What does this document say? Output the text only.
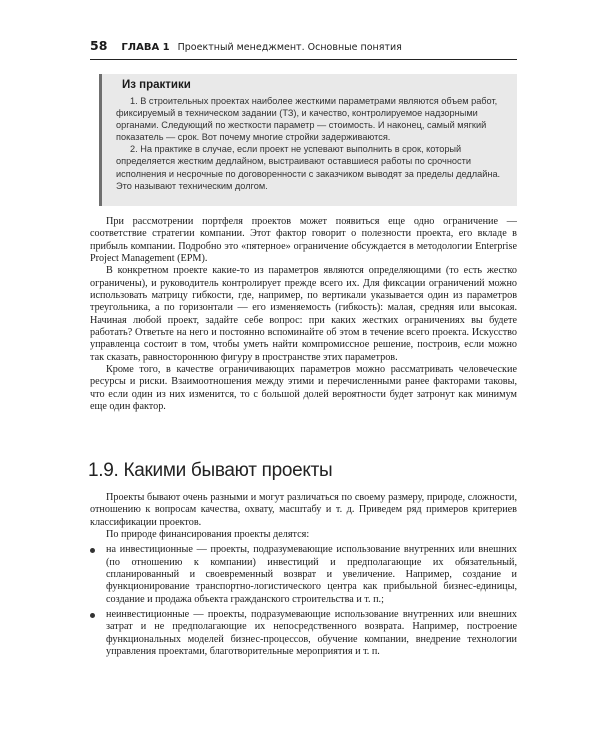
58 ГЛАВА 1 Проектный менеджмент. Основные понятия
Из практики

1. В строительных проектах наиболее жесткими параметрами являются объем работ, фиксируемый в техническом задании (ТЗ), и качество, контролируемое надзорными органами. Следующий по жесткости параметр — стоимость. И наконец, самый мягкий показатель — срок. Вот почему многие стройки задерживаются.

2. На практике в случае, если проект не успевают выполнить в срок, который определяется жестким дедлайном, выстраивают оставшиеся работы по срочности исполнения и несрочные по договоренности с заказчиком выводят за пределы дедлайна. Это называют техническим долгом.

При рассмотрении портфеля проектов может появиться еще одно ограничение — соответствие стратегии компании. Этот фактор говорит о полезности проекта, его вкладе в прибыль компании. Подробно это «пятерное» ограничение обсуждается в методологии Enterprise Project Management (EPM).

В конкретном проекте какие-то из параметров являются определяющими (то есть жестко ограничены), и руководитель контролирует прежде всего их. Для фиксации ограничений можно использовать матрицу гибкости, где, например, по вертикали указывается один из параметров треугольника, а по горизонтали — его изменяемость (гибкость): малая, средняя или высокая. Начиная любой проект, задайте себе вопрос: при каких жестких ограничениях вы будете работать? Ответьте на него и постоянно вспоминайте об этом в течение всего проекта. Искусство управленца состоит в том, чтобы уметь найти компромиссное решение, построив, если можно так сказать, равностороннюю фигуру в пространстве этих параметров.

Кроме того, в качестве ограничивающих параметров можно рассматривать человеческие ресурсы и риски. Взаимоотношения между этими и перечисленными ранее факторами таковы, что если один из них изменится, то с большой долей вероятности будет затронут как минимум еще один фактор.

1.9. Какими бывают проекты

Проекты бывают очень разными и могут различаться по своему размеру, природе, сложности, отношению к вопросам качества, охвату, масштабу и т. д. Приведем ряд примеров критериев классификации проектов.

По природе финансирования проекты делятся:

на инвестиционные — проекты, подразумевающие использование внутренних или внешних (по отношению к компании) инвестиций и предполагающие их обязательный, спланированный и своевременный возврат и увеличение. Например, создание и функционирование транспортно-логистического центра как прибыльной бизнес-единицы, создание и продажа объекта гражданского строительства и т. п.;
неинвестиционные — проекты, подразумевающие использование внутренних или внешних затрат и не предполагающие их непосредственного возврата. Например, построение функциональных моделей бизнес-процессов, обучение компании, внедрение технологии управления проектами, благотворительные мероприятия и т. п.
